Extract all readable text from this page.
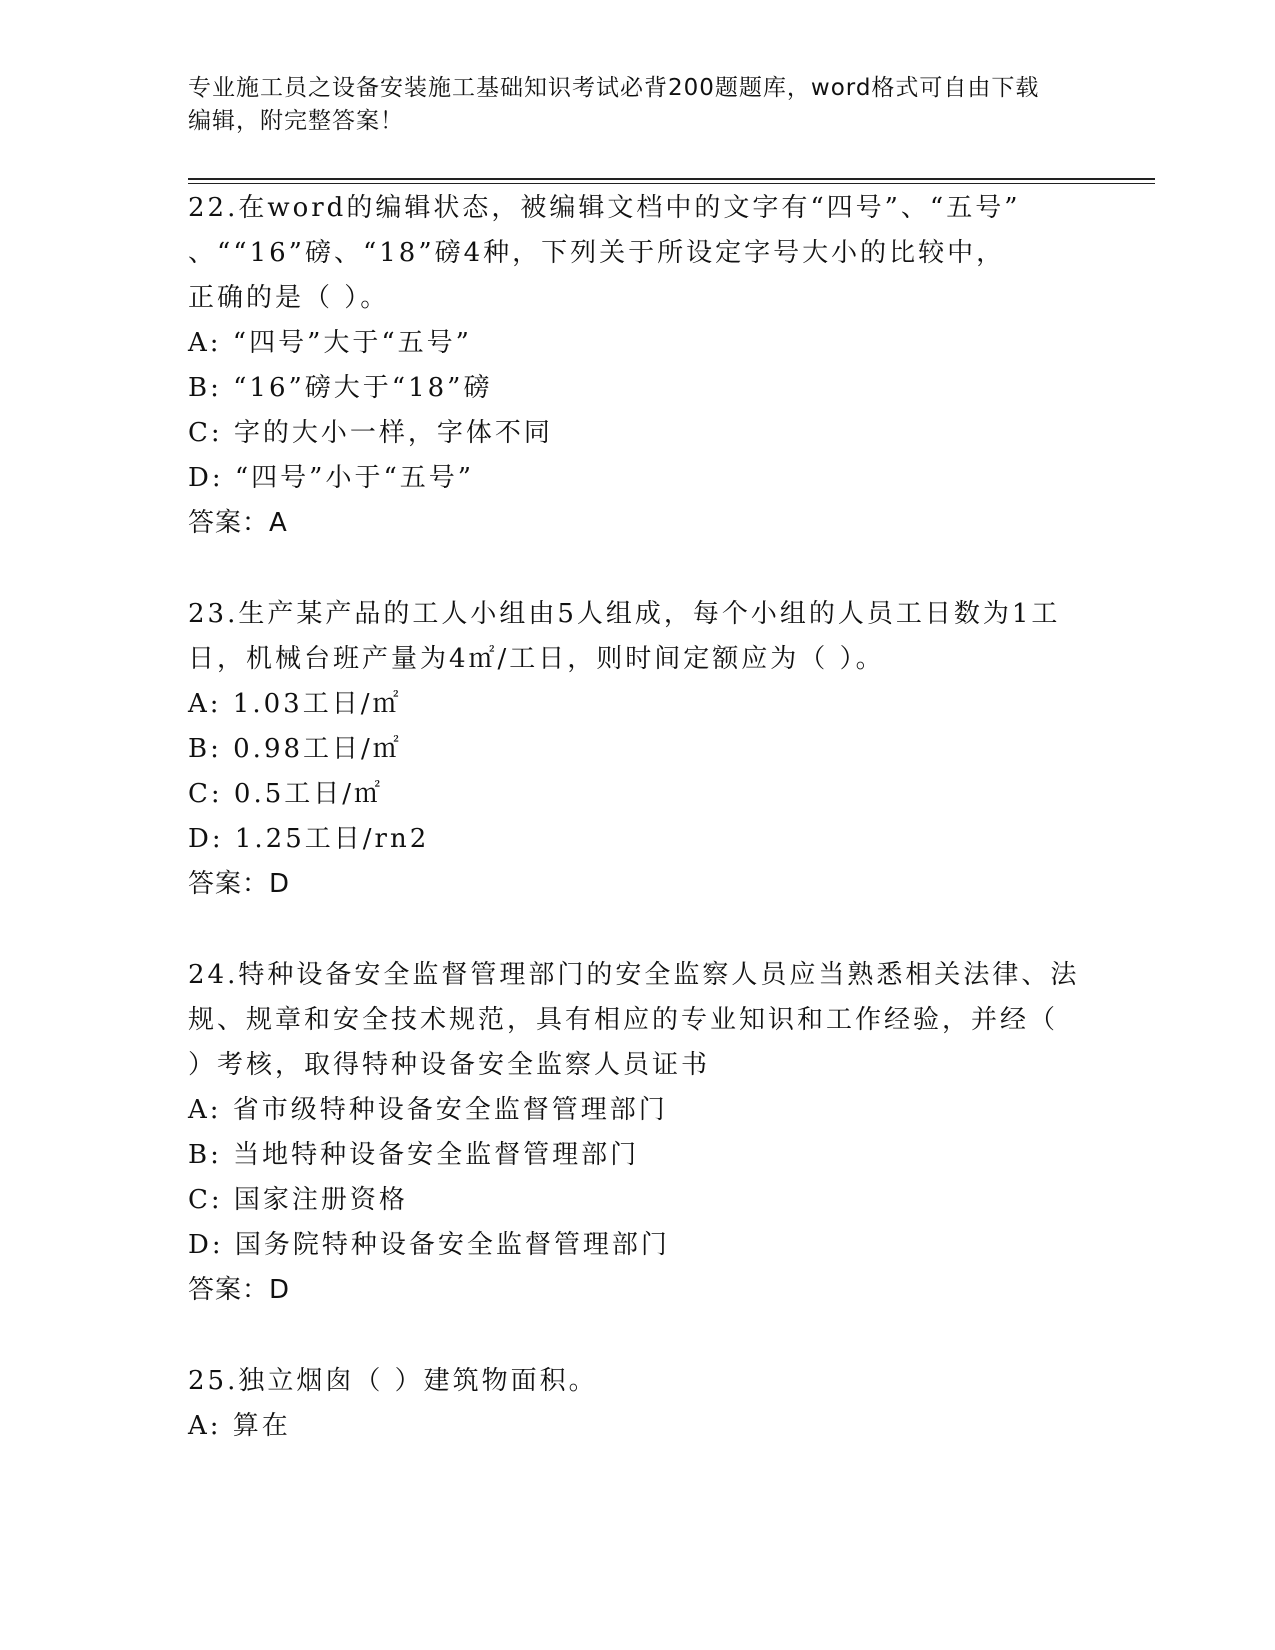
专业施工员之设备安装施工基础知识考试必背200题题库，word格式可自由下载
编辑，附完整答案！

22.在word的编辑状态，被编辑文档中的文字有“四号”、“五号”
、““16”磅、“18”磅4种，下列关于所设定字号大小的比较中，
正确的是（ ）。

A: “四号”大于“五号”

B: “16”磅大于“18”磅

C: 字的大小一样，字体不同

D: “四号”小于“五号”

答案：A

23.生产某产品的工人小组由5人组成，每个小组的人员工日数为1工
日，机械台班产量为4㎡/工日，则时间定额应为（ ）。

A: 1.03工日/㎡

B: 0.98工日/㎡

C: 0.5工日/㎡

D: 1.25工日/rn2

答案：D

24.特种设备安全监督管理部门的安全监察人员应当熟悉相关法律、法
规、规章和安全技术规范，具有相应的专业知识和工作经验，并经（
）考核，取得特种设备安全监察人员证书

A: 省市级特种设备安全监督管理部门

B: 当地特种设备安全监督管理部门

C: 国家注册资格

D: 国务院特种设备安全监督管理部门

答案：D

25.独立烟囱（ ）建筑物面积。

A: 算在
